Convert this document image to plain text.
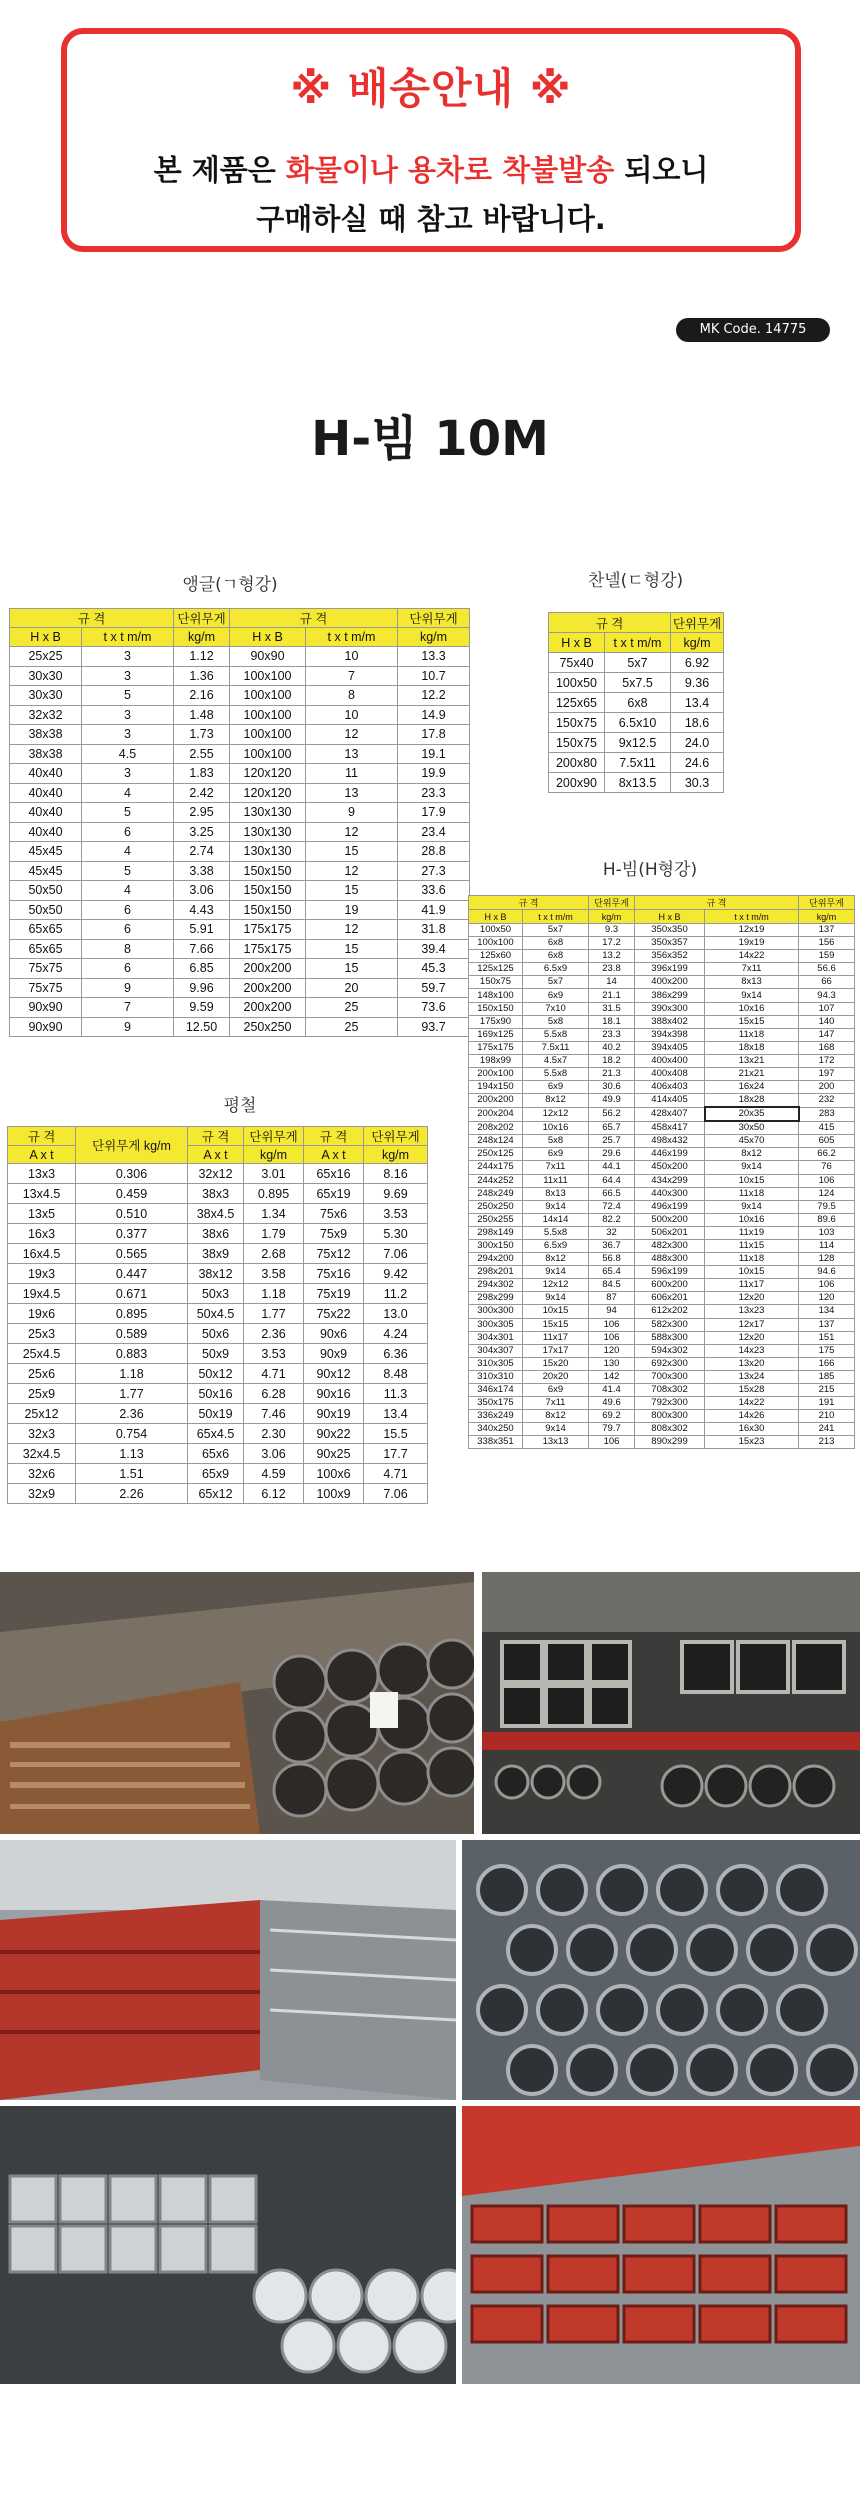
※ 배송안내 ※
본 제품은 화물이나 용차로 착불발송 되오니
구매하실 때 참고 바랍니다.
MK Code. 14775
H-빔 10M
앵글(ㄱ형강)
규 격		단위무게	규 격		단위무게
H x B	t x t m/m	kg/m	H x B	t x t m/m	kg/m
25x25	3	1.12	90x90	10	13.3
30x30	3	1.36	100x100	7	10.7
30x30	5	2.16	100x100	8	12.2
32x32	3	1.48	100x100	10	14.9
38x38	3	1.73	100x100	12	17.8
38x38	4.5	2.55	100x100	13	19.1
40x40	3	1.83	120x120	11	19.9
40x40	4	2.42	120x120	13	23.3
40x40	5	2.95	130x130	9	17.9
40x40	6	3.25	130x130	12	23.4
45x45	4	2.74	130x130	15	28.8
45x45	5	3.38	150x150	12	27.3
50x50	4	3.06	150x150	15	33.6
50x50	6	4.43	150x150	19	41.9
65x65	6	5.91	175x175	12	31.8
65x65	8	7.66	175x175	15	39.4
75x75	6	6.85	200x200	15	45.3
75x75	9	9.96	200x200	20	59.7
90x90	7	9.59	200x200	25	73.6
90x90	9	12.50	250x250	25	93.7
찬넬(ㄷ형강)
규 격		단위무게
H x B	t x t m/m	kg/m
75x40	5x7	6.92
100x50	5x7.5	9.36
125x65	6x8	13.4
150x75	6.5x10	18.6
150x75	9x12.5	24.0
200x80	7.5x11	24.6
200x90	8x13.5	30.3
평철
규 격	단위무게 kg/m	규 격	단위무게	규 격	단위무게
A x t		A x t	kg/m	A x t	kg/m
13x3	0.306	32x12	3.01	65x16	8.16
13x4.5	0.459	38x3	0.895	65x19	9.69
13x5	0.510	38x4.5	1.34	75x6	3.53
16x3	0.377	38x6	1.79	75x9	5.30
16x4.5	0.565	38x9	2.68	75x12	7.06
19x3	0.447	38x12	3.58	75x16	9.42
19x4.5	0.671	50x3	1.18	75x19	11.2
19x6	0.895	50x4.5	1.77	75x22	13.0
25x3	0.589	50x6	2.36	90x6	4.24
25x4.5	0.883	50x9	3.53	90x9	6.36
25x6	1.18	50x12	4.71	90x12	8.48
25x9	1.77	50x16	6.28	90x16	11.3
25x12	2.36	50x19	7.46	90x19	13.4
32x3	0.754	65x4.5	2.30	90x22	15.5
32x4.5	1.13	65x6	3.06	90x25	17.7
32x6	1.51	65x9	4.59	100x6	4.71
32x9	2.26	65x12	6.12	100x9	7.06
H-빔(H형강)
규 격		단위무게	규 격		단위무게
H x B	t x t m/m	kg/m	H x B	t x t m/m	kg/m
100x50	5x7	9.3	350x350	12x19	137
100x100	6x8	17.2	350x357	19x19	156
125x60	6x8	13.2	356x352	14x22	159
125x125	6.5x9	23.8	396x199	7x11	56.6
150x75	5x7	14	400x200	8x13	66
148x100	6x9	21.1	386x299	9x14	94.3
150x150	7x10	31.5	390x300	10x16	107
175x90	5x8	18.1	388x402	15x15	140
169x125	5.5x8	23.3	394x398	11x18	147
175x175	7.5x11	40.2	394x405	18x18	168
198x99	4.5x7	18.2	400x400	13x21	172
200x100	5.5x8	21.3	400x408	21x21	197
194x150	6x9	30.6	406x403	16x24	200
200x200	8x12	49.9	414x405	18x28	232
200x204	12x12	56.2	428x407	20x35	283
208x202	10x16	65.7	458x417	30x50	415
248x124	5x8	25.7	498x432	45x70	605
250x125	6x9	29.6	446x199	8x12	66.2
244x175	7x11	44.1	450x200	9x14	76
244x252	11x11	64.4	434x299	10x15	106
248x249	8x13	66.5	440x300	11x18	124
250x250	9x14	72.4	496x199	9x14	79.5
250x255	14x14	82.2	500x200	10x16	89.6
298x149	5.5x8	32	506x201	11x19	103
300x150	6.5x9	36.7	482x300	11x15	114
294x200	8x12	56.8	488x300	11x18	128
298x201	9x14	65.4	596x199	10x15	94.6
294x302	12x12	84.5	600x200	11x17	106
298x299	9x14	87	606x201	12x20	120
300x300	10x15	94	612x202	13x23	134
300x305	15x15	106	582x300	12x17	137
304x301	11x17	106	588x300	12x20	151
304x307	17x17	120	594x302	14x23	175
310x305	15x20	130	692x300	13x20	166
310x310	20x20	142	700x300	13x24	185
346x174	6x9	41.4	708x302	15x28	215
350x175	7x11	49.6	792x300	14x22	191
336x249	8x12	69.2	800x300	14x26	210
340x250	9x14	79.7	808x302	16x30	241
338x351	13x13	106	890x299	15x23	213
